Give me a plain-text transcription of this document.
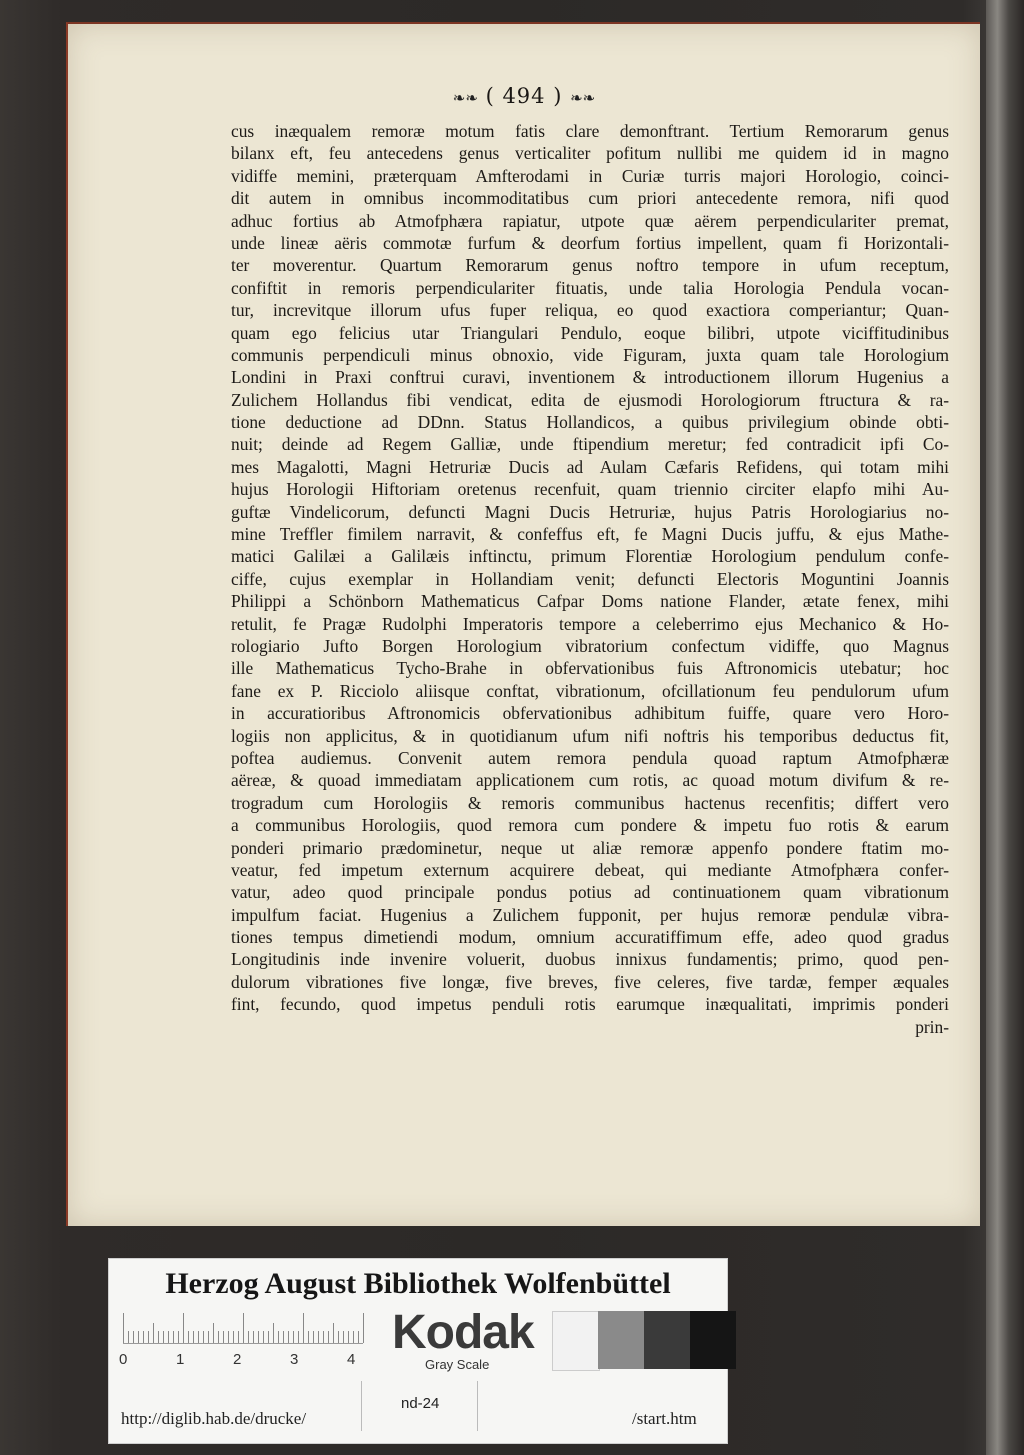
❧❧ ( 494 ) ❧❧
cus inæqualem remoræ motum fatis clare demonftrant. Tertium Remorarum genus
bilanx eft, feu antecedens genus verticaliter pofitum nullibi me quidem id in magno
vidiffe memini, præterquam Amfterodami in Curiæ turris majori Horologio, coinci-
dit autem in omnibus incommoditatibus cum priori antecedente remora, nifi quod
adhuc fortius ab Atmofphæra rapiatur, utpote quæ aërem perpendiculariter premat,
unde lineæ aëris commotæ furfum & deorfum fortius impellent, quam fi Horizontali-
ter moverentur. Quartum Remorarum genus noftro tempore in ufum receptum,
confiftit in remoris perpendiculariter fituatis, unde talia Horologia Pendula vocan-
tur, increvitque illorum ufus fuper reliqua, eo quod exactiora comperiantur; Quan-
quam ego felicius utar Triangulari Pendulo, eoque bilibri, utpote viciffitudinibus
communis perpendiculi minus obnoxio, vide Figuram, juxta quam tale Horologium
Londini in Praxi conftrui curavi, inventionem & introductionem illorum Hugenius a
Zulichem Hollandus fibi vendicat, edita de ejusmodi Horologiorum ftructura & ra-
tione deductione ad DDnn. Status Hollandicos, a quibus privilegium obinde obti-
nuit; deinde ad Regem Galliæ, unde ftipendium meretur; fed contradicit ipfi Co-
mes Magalotti, Magni Hetruriæ Ducis ad Aulam Cæfaris Refidens, qui totam mihi
hujus Horologii Hiftoriam oretenus recenfuit, quam triennio circiter elapfo mihi Au-
guftæ Vindelicorum, defuncti Magni Ducis Hetruriæ, hujus Patris Horologiarius no-
mine Treffler fimilem narravit, & confeffus eft, fe Magni Ducis juffu, & ejus Mathe-
matici Galilæi a Galilæis inftinctu, primum Florentiæ Horologium pendulum confe-
ciffe, cujus exemplar in Hollandiam venit; defuncti Electoris Moguntini Joannis
Philippi a Schönborn Mathematicus Cafpar Doms natione Flander, ætate fenex, mihi
retulit, fe Pragæ Rudolphi Imperatoris tempore a celeberrimo ejus Mechanico & Ho-
rologiario Jufto Borgen Horologium vibratorium confectum vidiffe, quo Magnus
ille Mathematicus Tycho-Brahe in obfervationibus fuis Aftronomicis utebatur; hoc
fane ex P. Ricciolo aliisque conftat, vibrationum, ofcillationum feu pendulorum ufum
in accuratioribus Aftronomicis obfervationibus adhibitum fuiffe, quare vero Horo-
logiis non applicitus, & in quotidianum ufum nifi noftris his temporibus deductus fit,
poftea audiemus. Convenit autem remora pendula quoad raptum Atmofphæræ
aëreæ, & quoad immediatam applicationem cum rotis, ac quoad motum divifum & re-
trogradum cum Horologiis & remoris communibus hactenus recenfitis; differt vero
a communibus Horologiis, quod remora cum pondere & impetu fuo rotis & earum
ponderi primario prædominetur, neque ut aliæ remoræ appenfo pondere ftatim mo-
veatur, fed impetum externum acquirere debeat, qui mediante Atmofphæra confer-
vatur, adeo quod principale pondus potius ad continuationem quam vibrationum
impulfum faciat. Hugenius a Zulichem fupponit, per hujus remoræ pendulæ vibra-
tiones tempus dimetiendi modum, omnium accuratiffimum effe, adeo quod gradus
Longitudinis inde invenire voluerit, duobus innixus fundamentis; primo, quod pen-
dulorum vibrationes five longæ, five breves, five celeres, five tardæ, femper æquales
fint, fecundo, quod impetus penduli rotis earumque inæqualitati, imprimis ponderi
prin-
Herzog August Bibliothek Wolfenbüttel
0	1	2	3	4
Kodak
Gray Scale
http://diglib.hab.de/drucke/
nd-24
/start.htm
